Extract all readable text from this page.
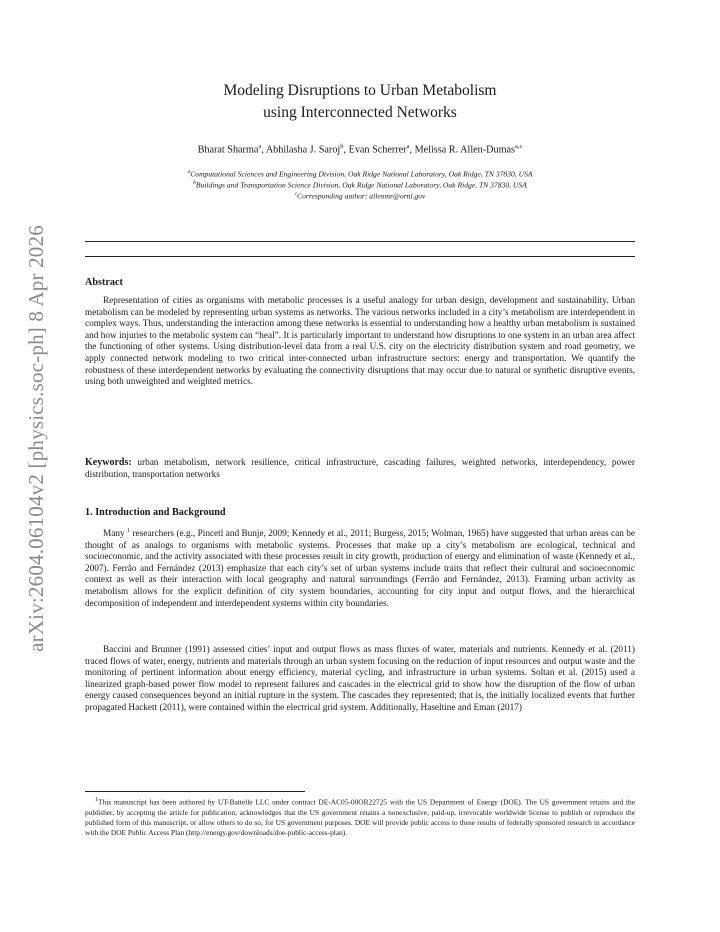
arXiv:2604.06104v2 [physics.soc-ph] 8 Apr 2026
Modeling Disruptions to Urban Metabolism
using Interconnected Networks
Bharat Sharma$^a$, Abhilasha J. Saroj$^b$, Evan Scherrer$^a$, Melissa R. Allen-Dumas$^{a,c}$
$^a$Computational Sciences and Engineering Division, Oak Ridge National Laboratory, Oak Ridge, TN 37830, USA
$^b$Buildings and Transportation Science Division, Oak Ridge National Laboratory, Oak Ridge, TN 37830, USA
$^c$Corresponding author; allenmr@ornl.gov
Abstract
Representation of cities as organisms with metabolic processes is a useful analogy for urban design, development and sustainability. Urban metabolism can be modeled by representing urban systems as networks. The various networks included in a city’s metabolism are interdependent in complex ways. Thus, understanding the interaction among these networks is essential to understanding how a healthy urban metabolism is sustained and how injuries to the metabolic system can “heal”. It is particularly important to understand how disruptions to one system in an urban area affect the functioning of other systems. Using distribution-level data from a real U.S. city on the electricity distribution system and road geometry, we apply connected network modeling to two critical inter-connected urban infrastructure sectors: energy and transportation. We quantify the robustness of these interdependent networks by evaluating the connectivity disruptions that may occur due to natural or synthetic disruptive events, using both unweighted and weighted metrics.
Keywords: urban metabolism, network resilience, critical infrastructure, cascading failures, weighted networks, interdependency, power distribution, transportation networks
1. Introduction and Background
Many $^1$ researchers (e.g., Pincetl and Bunje, 2009; Kennedy et al., 2011; Burgess, 2015; Wolman, 1965) have suggested that urban areas can be thought of as analogs to organisms with metabolic systems. Processes that make up a city’s metabolism are ecological, technical and socioeconomic, and the activity associated with these processes result in city growth, production of energy and elimination of waste (Kennedy et al., 2007). Ferrão and Fernández (2013) emphasize that each city’s set of urban systems include traits that reflect their cultural and socioeconomic context as well as their interaction with local geography and natural surroundings (Ferrão and Fernández, 2013). Framing urban activity as metabolism allows for the explicit definition of city system boundaries, accounting for city input and output flows, and the hierarchical decomposition of independent and interdependent systems within city boundaries.
Baccini and Brunner (1991) assessed cities’ input and output flows as mass fluxes of water, materials and nutrients. Kennedy et al. (2011) traced flows of water, energy, nutrients and materials through an urban system focusing on the reduction of input resources and output waste and the monitoring of pertinent information about energy efficiency, material cycling, and infrastructure in urban systems. Soltan et al. (2015) used a linearized graph-based power flow model to represent failures and cascades in the electrical grid to show how the disruption of the flow of urban energy caused consequences beyond an initial rupture in the system. The cascades they represented; that is, the initially localized events that further propagated Hackett (2011), were contained within the electrical grid system. Additionally, Haseltine and Eman (2017)
$^1$This manuscript has been authored by UT-Battelle LLC under contract DE-AC05-00OR22725 with the US Department of Energy (DOE). The US government retains and the publisher, by accepting the article for publication, acknowledges that the US government retains a nonexclusive, paid-up, irrevocable worldwide license to publish or reproduce the published form of this manuscript, or allow others to do so, for US government purposes. DOE will provide public access to these results of federally sponsored research in accordance with the DOE Public Access Plan (http://energy.gov/downloads/doe-public-access-plan).
